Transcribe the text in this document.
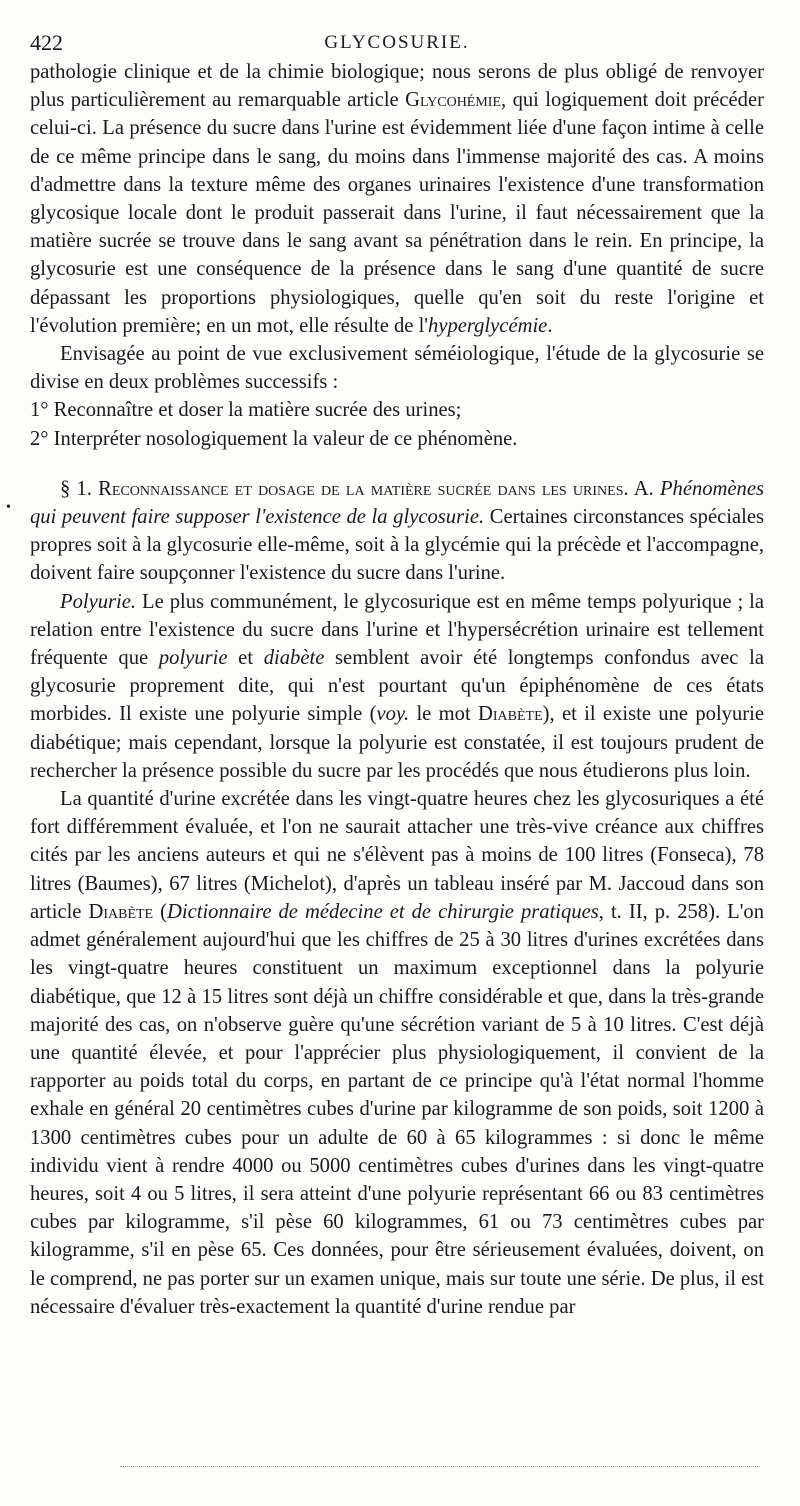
422	GLYCOSURIE.

pathologie clinique et de la chimie biologique; nous serons de plus obligé de renvoyer plus particulièrement au remarquable article Glycohémie, qui logiquement doit précéder celui-ci. La présence du sucre dans l'urine est évidemment liée d'une façon intime à celle de ce même principe dans le sang, du moins dans l'immense majorité des cas. A moins d'admettre dans la texture même des organes urinaires l'existence d'une transformation glycosique locale dont le produit passerait dans l'urine, il faut nécessairement que la matière sucrée se trouve dans le sang avant sa pénétration dans le rein. En principe, la glycosurie est une conséquence de la présence dans le sang d'une quantité de sucre dépassant les proportions physiologiques, quelle qu'en soit du reste l'origine et l'évolution première; en un mot, elle résulte de l'hyperglycémie.

Envisagée au point de vue exclusivement séméiologique, l'étude de la glycosurie se divise en deux problèmes successifs :

1° Reconnaître et doser la matière sucrée des urines;

2° Interpréter nosologiquement la valeur de ce phénomène.

§ 1. Reconnaissance et dosage de la matière sucrée dans les urines. A. Phénomènes qui peuvent faire supposer l'existence de la glycosurie. Certaines circonstances spéciales propres soit à la glycosurie elle-même, soit à la glycémie qui la précède et l'accompagne, doivent faire soupçonner l'existence du sucre dans l'urine.

Polyurie. Le plus communément, le glycosurique est en même temps polyurique ; la relation entre l'existence du sucre dans l'urine et l'hypersécrétion urinaire est tellement fréquente que polyurie et diabète semblent avoir été longtemps confondus avec la glycosurie proprement dite, qui n'est pourtant qu'un épiphénomène de ces états morbides. Il existe une polyurie simple (voy. le mot Diabète), et il existe une polyurie diabétique; mais cependant, lorsque la polyurie est constatée, il est toujours prudent de rechercher la présence possible du sucre par les procédés que nous étudierons plus loin.

La quantité d'urine excrétée dans les vingt-quatre heures chez les glycosuriques a été fort différemment évaluée, et l'on ne saurait attacher une très-vive créance aux chiffres cités par les anciens auteurs et qui ne s'élèvent pas à moins de 100 litres (Fonseca), 78 litres (Baumes), 67 litres (Michelot), d'après un tableau inséré par M. Jaccoud dans son article Diabète (Dictionnaire de médecine et de chirurgie pratiques, t. II, p. 258). L'on admet généralement aujourd'hui que les chiffres de 25 à 30 litres d'urines excrétées dans les vingt-quatre heures constituent un maximum exceptionnel dans la polyurie diabétique, que 12 à 15 litres sont déjà un chiffre considérable et que, dans la très-grande majorité des cas, on n'observe guère qu'une sécrétion variant de 5 à 10 litres. C'est déjà une quantité élevée, et pour l'apprécier plus physiologiquement, il convient de la rapporter au poids total du corps, en partant de ce principe qu'à l'état normal l'homme exhale en général 20 centimètres cubes d'urine par kilogramme de son poids, soit 1200 à 1300 centimètres cubes pour un adulte de 60 à 65 kilogrammes : si donc le même individu vient à rendre 4000 ou 5000 centimètres cubes d'urines dans les vingt-quatre heures, soit 4 ou 5 litres, il sera atteint d'une polyurie représentant 66 ou 83 centimètres cubes par kilogramme, s'il pèse 60 kilogrammes, 61 ou 73 centimètres cubes par kilogramme, s'il en pèse 65. Ces données, pour être sérieusement évaluées, doivent, on le comprend, ne pas porter sur un examen unique, mais sur toute une série. De plus, il est nécessaire d'évaluer très-exactement la quantité d'urine rendue par

•
